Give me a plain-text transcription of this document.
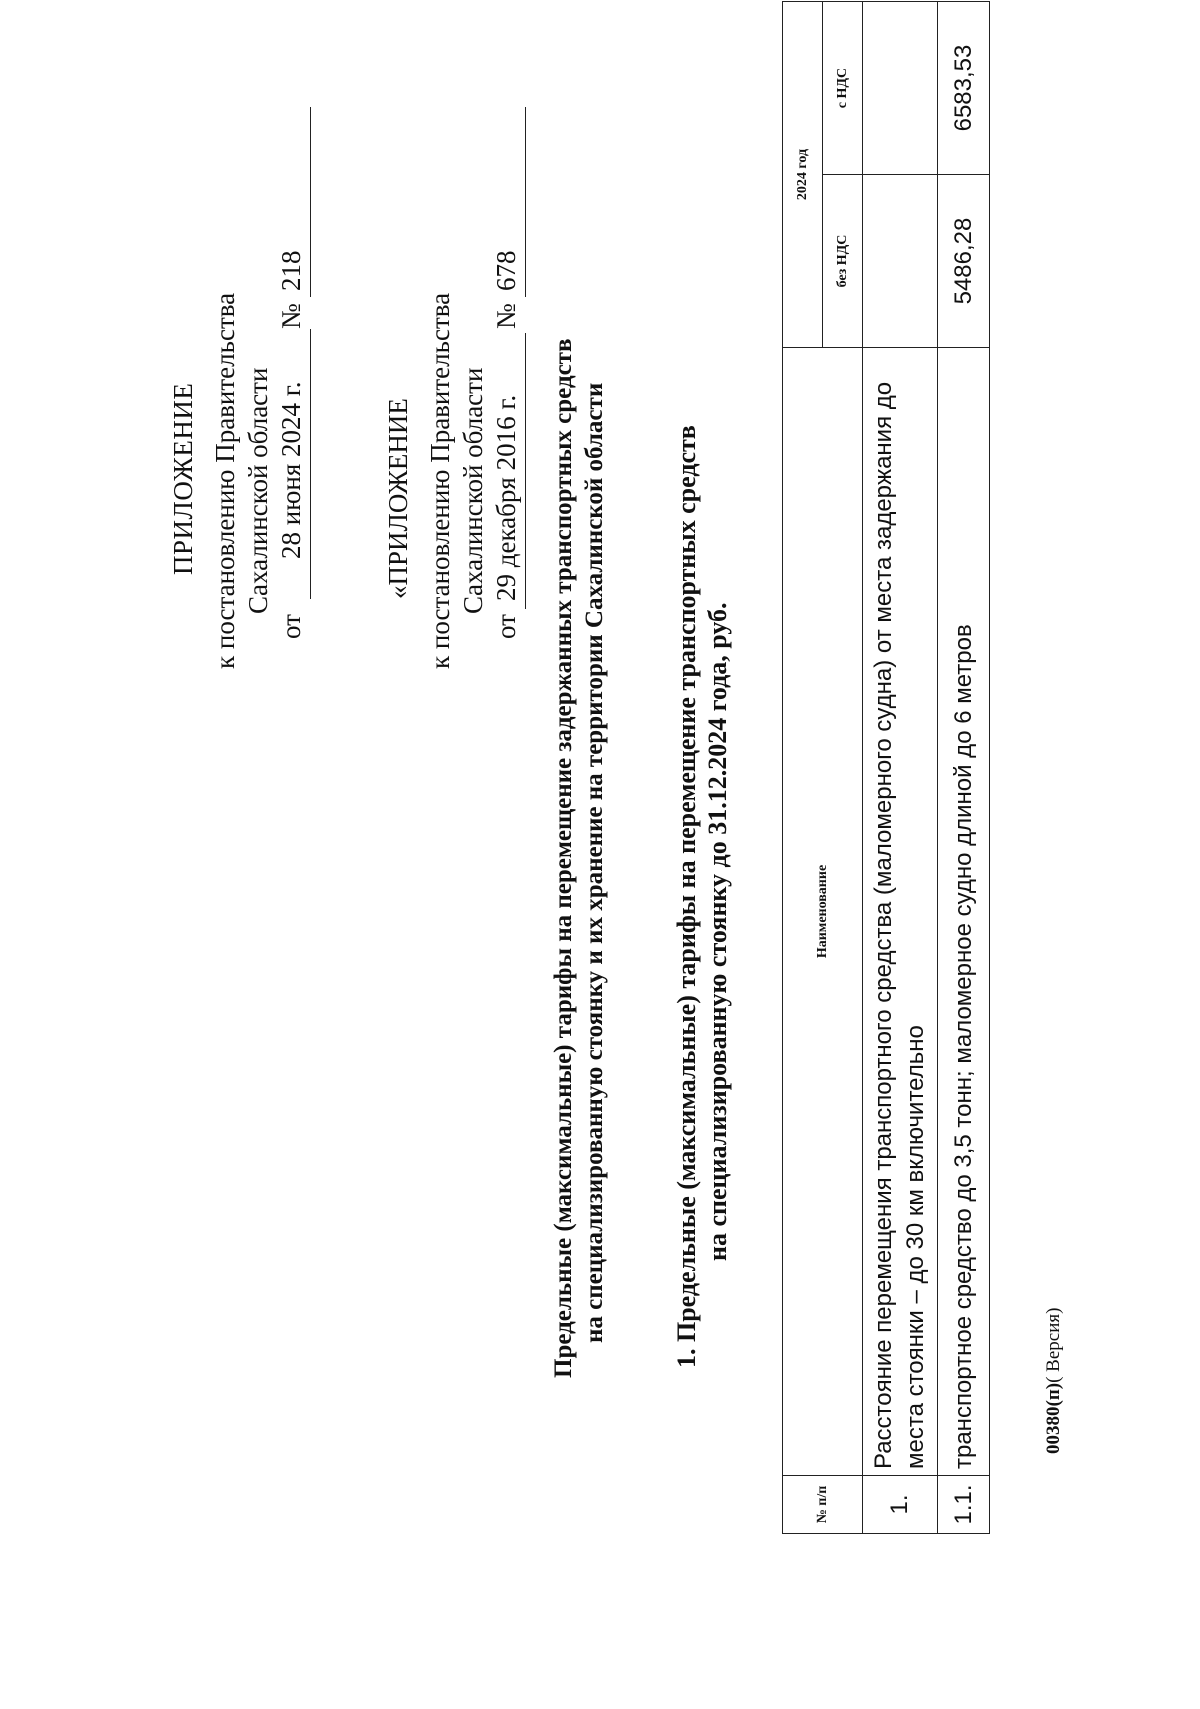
ПРИЛОЖЕНИЕ к постановлению Правительства Сахалинской области
от
28 июня 2024 г.
№
218
«ПРИЛОЖЕНИЕ к постановлению Правительства Сахалинской области
от
29 декабря 2016 г.
№
678
Предельные (максимальные) тарифы на перемещение задержанных транспортных средств на специализированную стоянку и их хранение на территории Сахалинской области 1. Предельные (максимальные) тарифы на перемещение транспортных средств на специализированную стоянку до 31.12.2024 года, руб.
№ п/п	Наименование	2024 год	
		без НДС	с НДС
1.	Расстояние перемещения транспортного средства (маломерного судна) от места задержания до места стоянки – до 30 км включительно		
1.1.	транспортное средство до 3,5 тонн; маломерное судно длиной до 6 метров	5486,28	6583,53
00380(п)( Версия)
